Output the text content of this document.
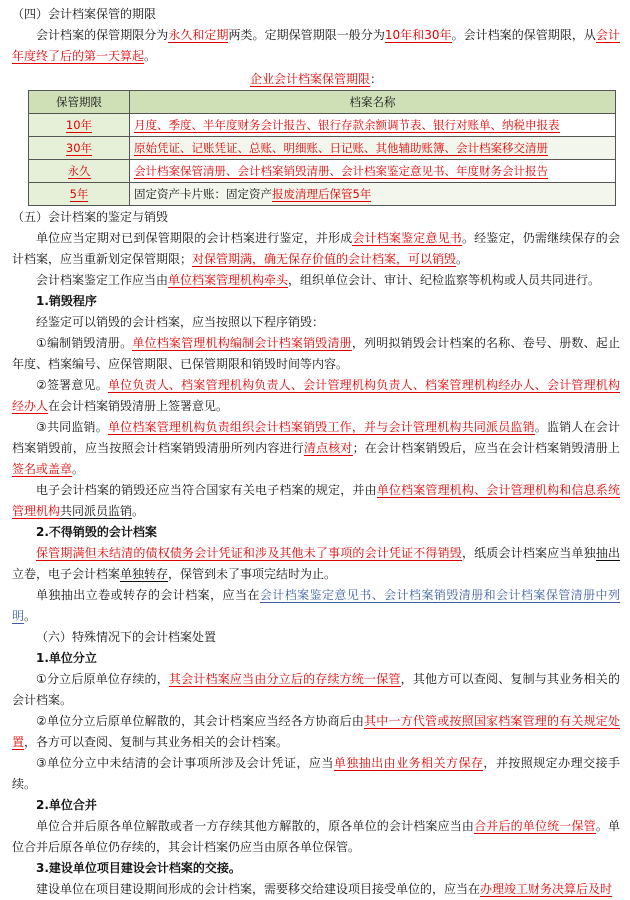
（四）会计档案保管的期限

会计档案的保管期限分为永久和定期两类。定期保管期限一般分为10年和30年。会计档案的保管期限，从会计年度终了后的第一天算起。

企业会计档案保管期限：
保管期限	档案名称
10年	月度、季度、半年度财务会计报告、银行存款余额调节表、银行对账单、纳税申报表
30年	原始凭证、记账凭证、总账、明细账、日记账、其他辅助账簿、会计档案移交清册
永久	会计档案保管清册、会计档案销毁清册、会计档案鉴定意见书、年度财务会计报告
5年	固定资产卡片账：固定资产报废清理后保管5年

（五）会计档案的鉴定与销毁

单位应当定期对已到保管期限的会计档案进行鉴定，并形成会计档案鉴定意见书。经鉴定，仍需继续保存的会计档案，应当重新划定保管期限；对保管期满，确无保存价值的会计档案，可以销毁。

会计档案鉴定工作应当由单位档案管理机构牵头，组织单位会计、审计、纪检监察等机构或人员共同进行。

1.销毁程序

经鉴定可以销毁的会计档案，应当按照以下程序销毁：

①编制销毁清册。单位档案管理机构编制会计档案销毁清册，列明拟销毁会计档案的名称、卷号、册数、起止年度、档案编号、应保管期限、已保管期限和销毁时间等内容。

②签署意见。单位负责人、档案管理机构负责人、会计管理机构负责人、档案管理机构经办人、会计管理机构经办人在会计档案销毁清册上签署意见。

③共同监销。单位档案管理机构负责组织会计档案销毁工作，并与会计管理机构共同派员监销。监销人在会计档案销毁前，应当按照会计档案销毁清册所列内容进行清点核对；在会计档案销毁后，应当在会计档案销毁清册上签名或盖章。

电子会计档案的销毁还应当符合国家有关电子档案的规定，并由单位档案管理机构、会计管理机构和信息系统管理机构共同派员监销。

2.不得销毁的会计档案

保管期满但未结清的债权债务会计凭证和涉及其他未了事项的会计凭证不得销毁，纸质会计档案应当单独抽出立卷，电子会计档案单独转存，保管到未了事项完结时为止。

单独抽出立卷或转存的会计档案，应当在会计档案鉴定意见书、会计档案销毁清册和会计档案保管清册中列明。

（六）特殊情况下的会计档案处置

1.单位分立

①分立后原单位存续的，其会计档案应当由分立后的存续方统一保管，其他方可以查阅、复制与其业务相关的会计档案。

②单位分立后原单位解散的，其会计档案应当经各方协商后由其中一方代管或按照国家档案管理的有关规定处置，各方可以查阅、复制与其业务相关的会计档案。

③单位分立中未结清的会计事项所涉及会计凭证，应当单独抽出由业务相关方保存，并按照规定办理交接手续。

2.单位合并

单位合并后原各单位解散或者一方存续其他方解散的，原各单位的会计档案应当由合并后的单位统一保管。单位合并后原各单位仍存续的，其会计档案仍应当由原各单位保管。

3.建设单位项目建设会计档案的交接。

建设单位在项目建设期间形成的会计档案，需要移交给建设项目接受单位的，应当在办理竣工财务决算后及时
